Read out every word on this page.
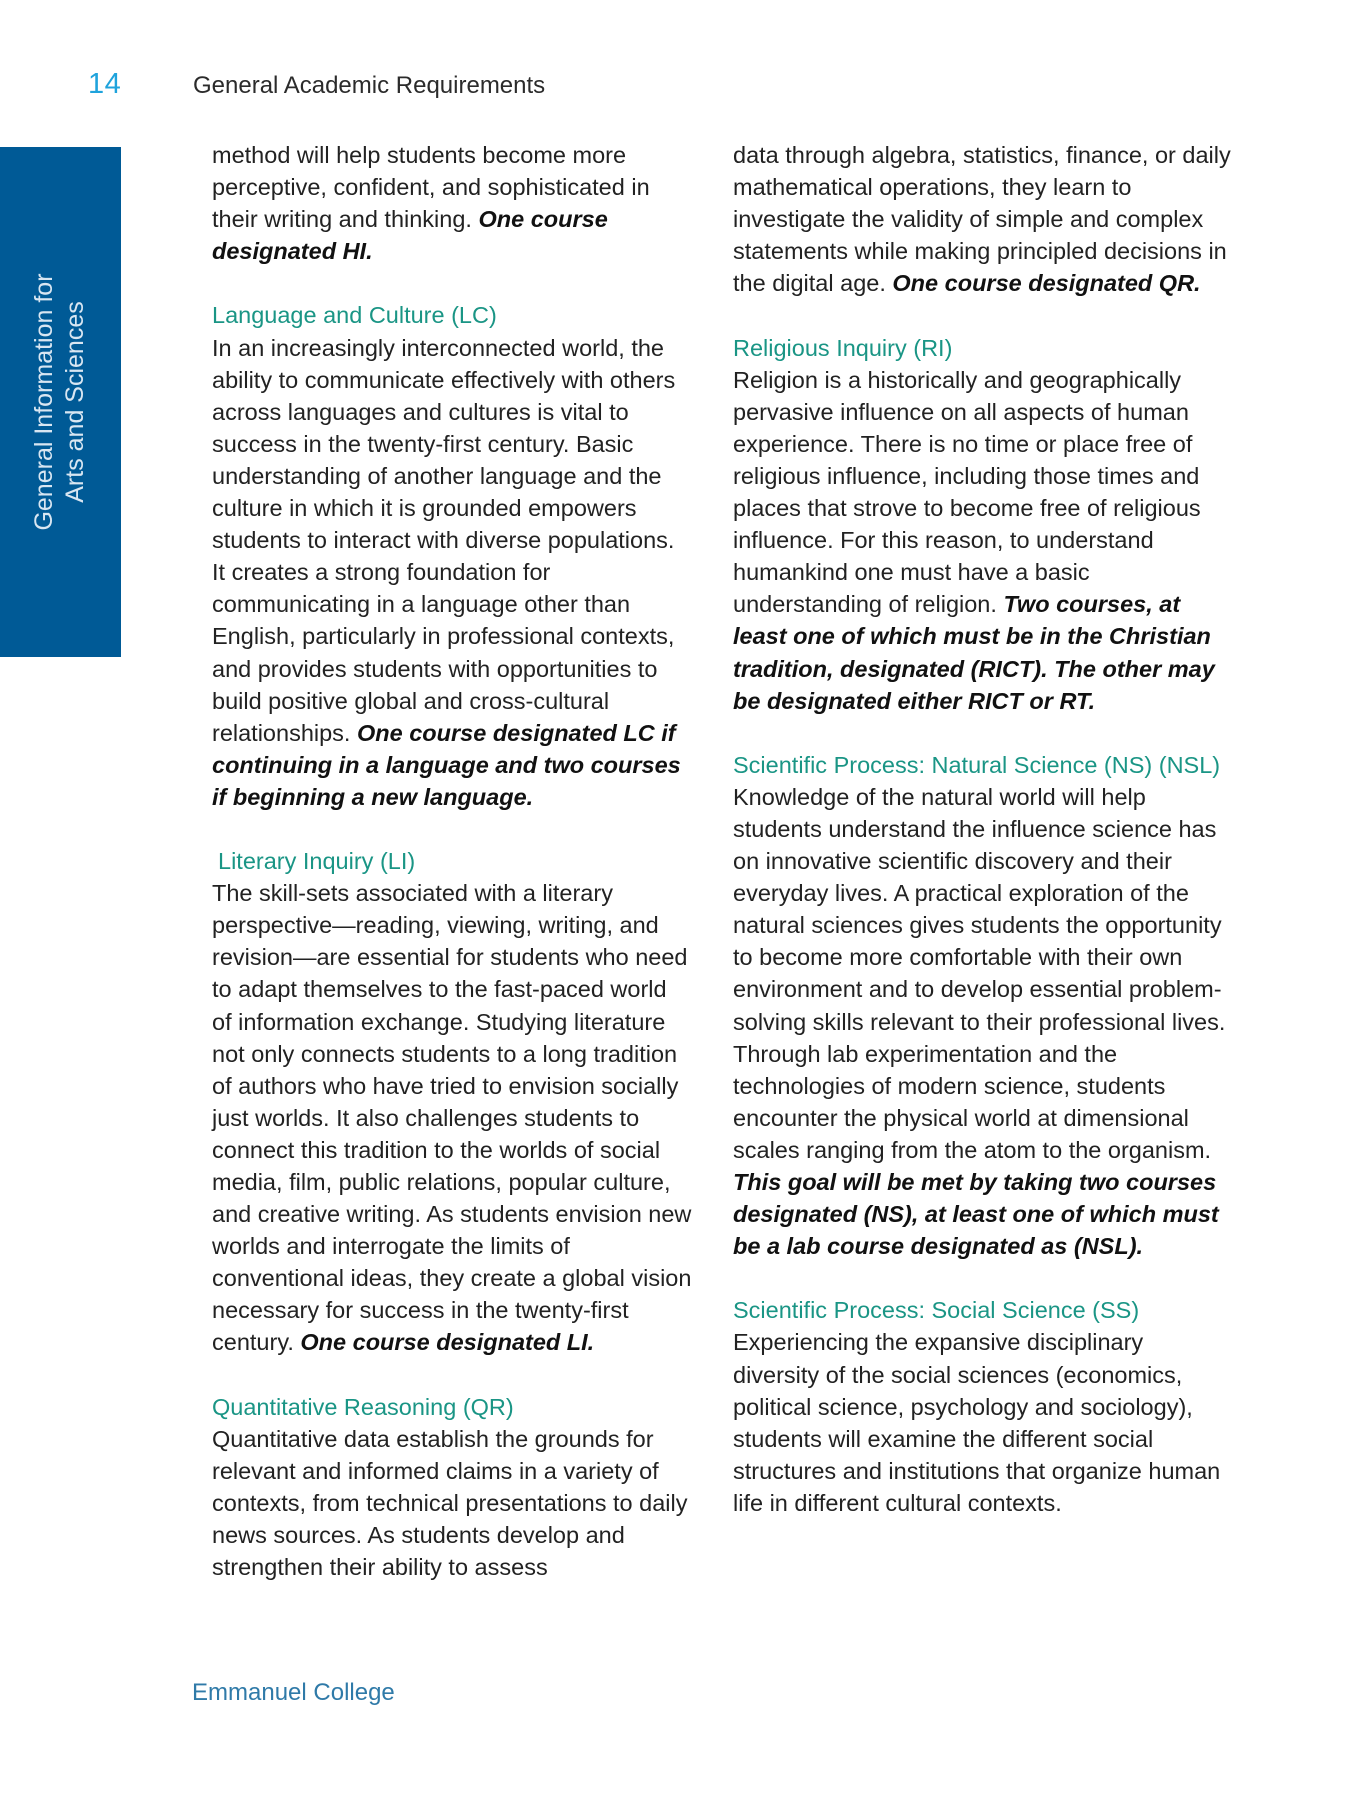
14	General Academic Requirements
General Information for Arts and Sciences

method will help students become more perceptive, confident, and sophisticated in their writing and thinking. One course designated HI.

Language and Culture (LC)

In an increasingly interconnected world, the ability to communicate effectively with others across languages and cultures is vital to success in the twenty-first century. Basic understanding of another language and the culture in which it is grounded empowers students to interact with diverse populations. It creates a strong foundation for communicating in a language other than English, particularly in professional contexts, and provides students with opportunities to build positive global and cross-cultural relationships. One course designated LC if continuing in a language and two courses if beginning a new language.

Literary Inquiry (LI)

The skill-sets associated with a literary perspective—reading, viewing, writing, and revision—are essential for students who need to adapt themselves to the fast-paced world of information exchange. Studying literature not only connects students to a long tradition of authors who have tried to envision socially just worlds. It also challenges students to connect this tradition to the worlds of social media, film, public relations, popular culture, and creative writing. As students envision new worlds and interrogate the limits of conventional ideas, they create a global vision necessary for success in the twenty-first century. One course designated LI.

Quantitative Reasoning (QR)

Quantitative data establish the grounds for relevant and informed claims in a variety of contexts, from technical presentations to daily news sources. As students develop and strengthen their ability to assess

data through algebra, statistics, finance, or daily mathematical operations, they learn to investigate the validity of simple and complex statements while making principled decisions in the digital age. One course designated QR.

Religious Inquiry (RI)

Religion is a historically and geographically pervasive influence on all aspects of human experience. There is no time or place free of religious influence, including those times and places that strove to become free of religious influence. For this reason, to understand humankind one must have a basic understanding of religion. Two courses, at least one of which must be in the Christian tradition, designated (RICT). The other may be designated either RICT or RT.

Scientific Process: Natural Science (NS) (NSL)

Knowledge of the natural world will help students understand the influence science has on innovative scientific discovery and their everyday lives. A practical exploration of the natural sciences gives students the opportunity to become more comfortable with their own environment and to develop essential problem-solving skills relevant to their professional lives. Through lab experimentation and the technologies of modern science, students encounter the physical world at dimensional scales ranging from the atom to the organism. This goal will be met by taking two courses designated (NS), at least one of which must be a lab course designated as (NSL).

Scientific Process: Social Science (SS)

Experiencing the expansive disciplinary diversity of the social sciences (economics, political science, psychology and sociology), students will examine the different social structures and institutions that organize human life in different cultural contexts.

Emmanuel College
